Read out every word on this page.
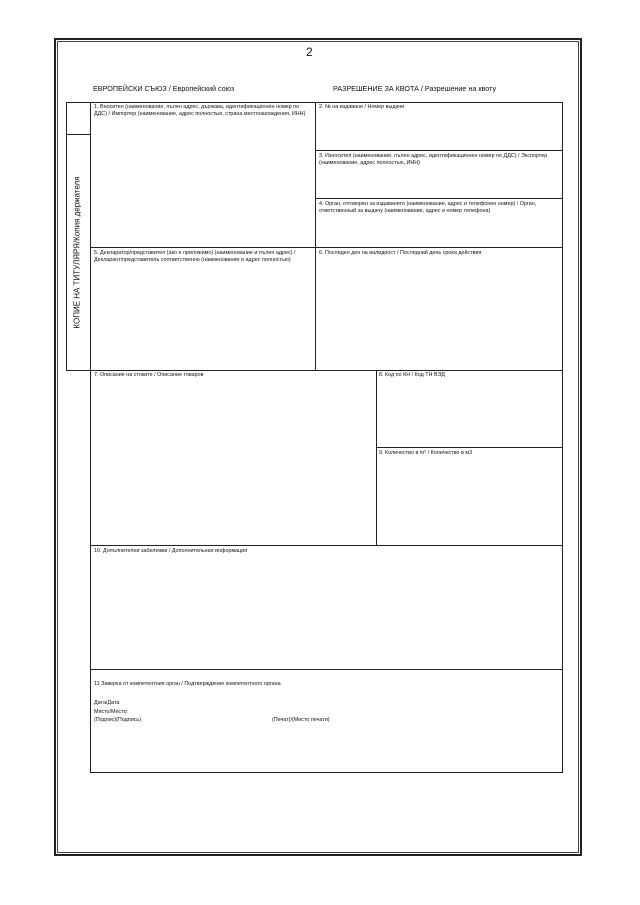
2
ЕВРОПЕЙСКИ СЪЮЗ / Европейский союз	РАЗРЕШЕНИЕ ЗА КВОТА / Разрешение на квоту
КОПИЕ НА ТИТУЛЯРЯ/Копия держателя
1. Вносител (наименование, пълен адрес, държава, идентификационен номер по ДДС) / Импортер (наименование, адрес полностью, страна местонахождения, ИНН)
2. № на издаване / Номер выдачи
3. Износител (наименование, пълен адрес, идентификационен номер по ДДС) / Экспортер (наименование, адрес полностью, ИНН)
4. Орган, отговорен за издаването (наименование, адрес и телефонен номер) / Орган, ответственный за выдачу (наименование, адрес и номер телефона)
5. Декларатор/представител (ако е приложимо) (наименование и пълен адрес) / Декларант/представитель соответственно (наименование и адрес полностью)
6. Последен ден на валидност / Последний день срока действия
7. Описание на стоките / Описание товаров	8. Код по КН / Код ТН ВЭД
9. Количество в m³ / Количество в м3
10. Допълнителни забележки / Дополнительная информация
11 Заверка от компетентния орган / Подтверждение компетентного органа
Дата/Дата
Място/Место:
(Подпис)(Подпись)	(Печат)/(Место печати)
